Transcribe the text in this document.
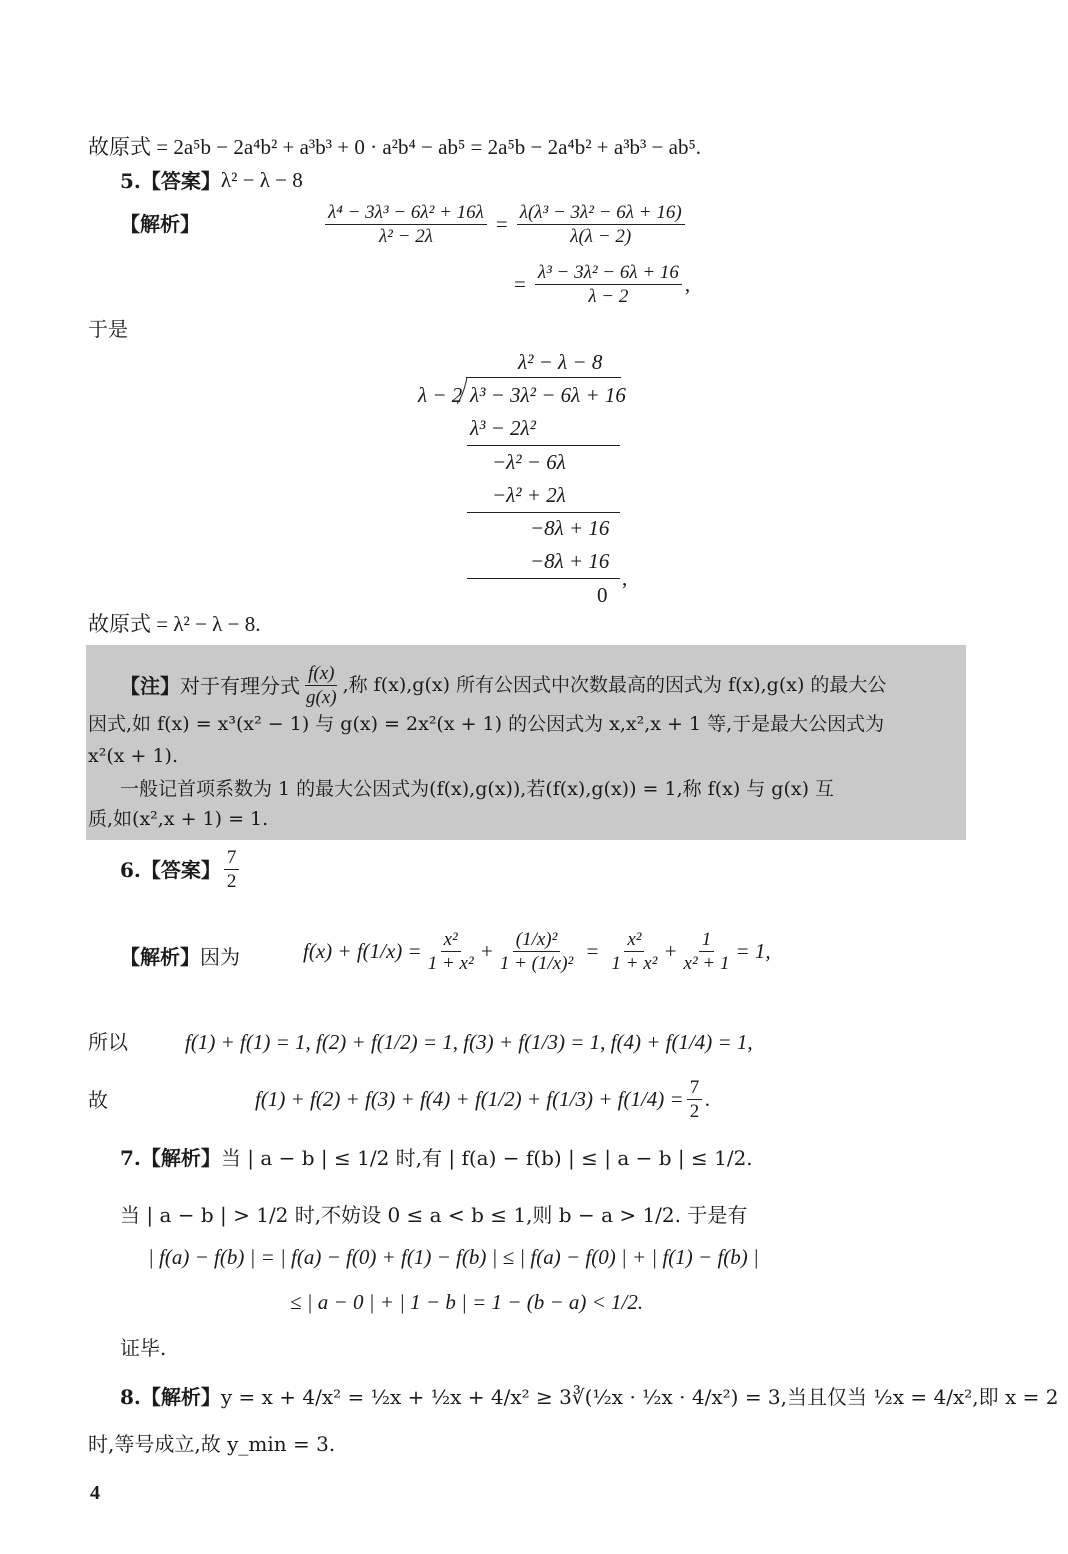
故原式 = 2a⁵b − 2a⁴b² + a³b³ + 0 · a²b⁴ − ab⁵ = 2a⁵b − 2a⁴b² + a³b³ − ab⁵.
5. 【答案】 λ² − λ − 8
【解析】	$\frac{\text{λ⁴ − 3λ³ − 6λ² + 16λ}}{\text{λ² − 2λ}} = \frac{\text{λ(λ³ − 3λ² − 6λ + 16)}}{\lambda(\lambda - 2)}$
= $\frac{\text{λ³ − 3λ² − 6λ + 16}}{\lambda - 2}$ ,
于是
λ² − λ − 8
λ − 2 λ³ − 3λ² − 6λ + 16
λ³ − 2λ²
−λ² − 6λ
−λ² + 2λ
−8λ + 16
−8λ + 16
,
0
故原式 = λ² − λ − 8.
【注】 对于有理分式 $\frac{f(x)}{g(x)}$ ,称 f(x),g(x) 所有公因式中次数最高的因式为 f(x),g(x) 的最大公
因式,如 f(x) = x³(x² − 1) 与 g(x) = 2x²(x + 1) 的公因式为 x,x²,x + 1 等,于是最大公因式为
x²(x + 1).
一般记首项系数为 1 的最大公因式为(f(x),g(x)),若(f(x),g(x)) = 1,称 f(x) 与 g(x) 互
质,如(x²,x + 1) = 1.
6. 【答案】 $\frac{7}{2}$
【解析】 因为	$f(x) + f(1/x) = \frac{\text{x²}}{\text{1 + x²}} + \frac{\text{(1/x)²}}{\text{1 + (1/x)²}} = \frac{\text{x²}}{\text{1 + x²}} + \frac{1}{\text{x² + 1}} = 1$,
所以	f(1) + f(1) = 1, f(2) + f(1/2) = 1, f(3) + f(1/3) = 1, f(4) + f(1/4) = 1,
故	$f(1) + f(2) + f(3) + f(4) + f(1/2) + f(1/3) + f(1/4) = \frac{7}{2}$ .
7. 【解析】 当 | a − b | ≤ 1/2 时,有 | f(a) − f(b) | ≤ | a − b | ≤ 1/2.
当 | a − b | > 1/2 时,不妨设 0 ≤ a < b ≤ 1,则 b − a > 1/2. 于是有
| f(a) − f(b) | = | f(a) − f(0) + f(1) − f(b) | ≤ | f(a) − f(0) | + | f(1) − f(b) |
≤ | a − 0 | + | 1 − b | = 1 − (b − a) < 1/2.
证毕.
8. 【解析】 y = x + 4/x² = ½x + ½x + 4/x² ≥ 3∛(½x · ½x · 4/x²) = 3,当且仅当 ½x = 4/x²,即 x = 2
时,等号成立,故 y_min = 3.
4
